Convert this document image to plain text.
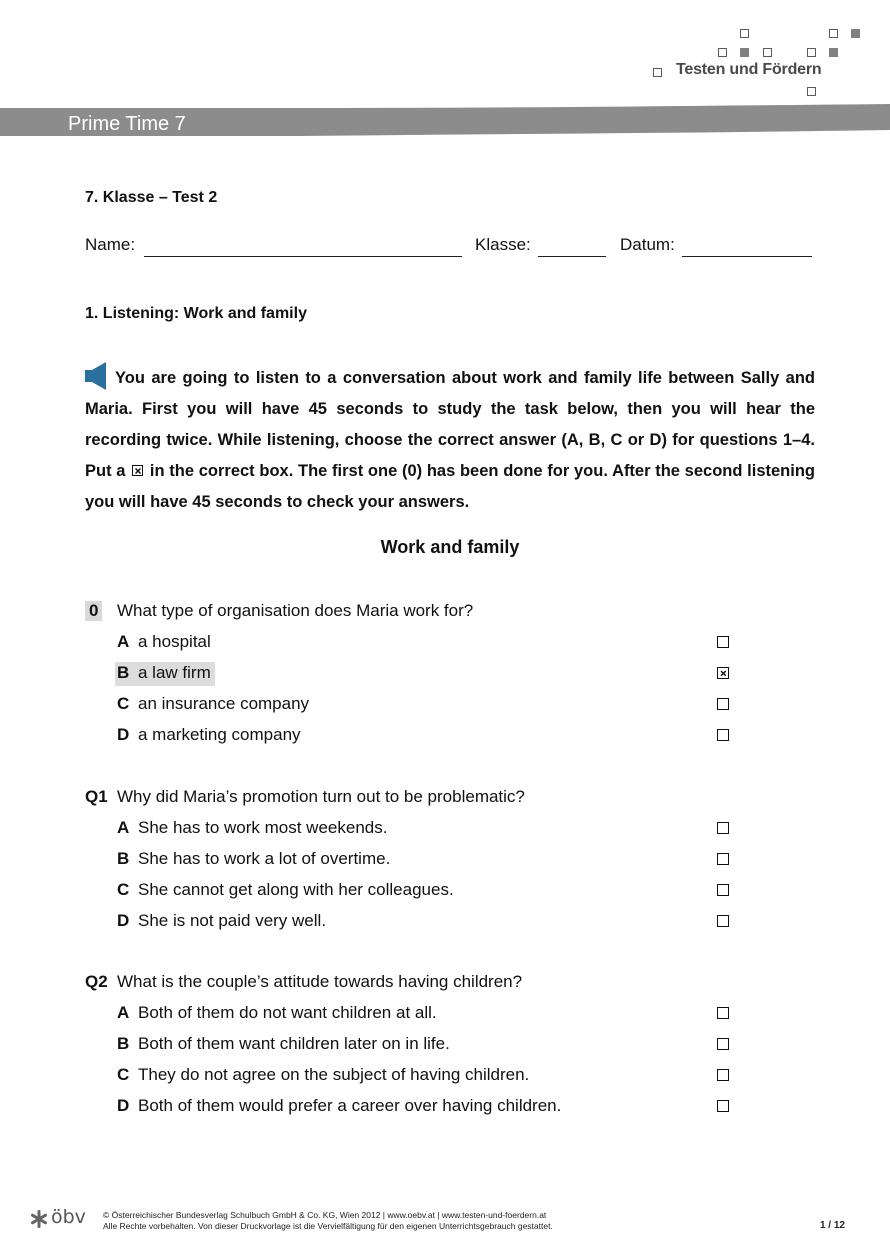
Testen und Fördern
Prime Time 7
7. Klasse – Test 2
Name:	Klasse:	Datum:
1. Listening: Work and family
You are going to listen to a conversation about work and family life between Sally and Maria. First you will have 45 seconds to study the task below, then you will hear the recording twice. While listening, choose the correct answer (A, B, C or D) for questions 1–4. Put a ☒ in the correct box. The first one (0) has been done for you. After the second listening you will have 45 seconds to check your answers.
Work and family
0 What type of organisation does Maria work for?
A a hospital
B a law firm
C an insurance company
D a marketing company
Q1 Why did Maria’s promotion turn out to be problematic?
A She has to work most weekends.
B She has to work a lot of overtime.
C She cannot get along with her colleagues.
D She is not paid very well.
Q2 What is the couple’s attitude towards having children?
A Both of them do not want children at all.
B Both of them want children later on in life.
C They do not agree on the subject of having children.
D Both of them would prefer a career over having children.
öbv © Österreichischer Bundesverlag Schulbuch GmbH & Co. KG, Wien 2012 | www.oebv.at | www.testen-und-foerdern.at
Alle Rechte vorbehalten. Von dieser Druckvorlage ist die Vervielfältigung für den eigenen Unterrichtsgebrauch gestattet.	1 / 12
